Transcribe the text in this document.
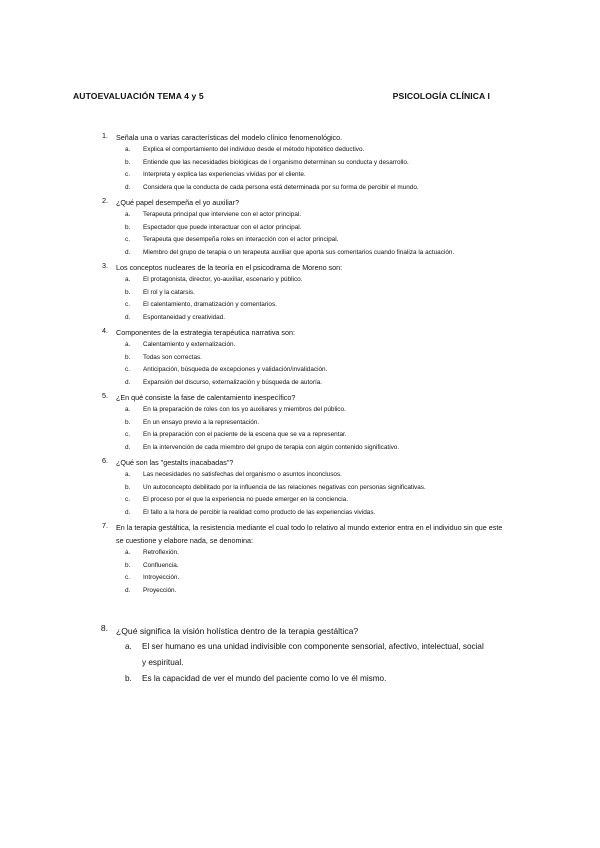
AUTOEVALUACIÓN TEMA 4 y 5	PSICOLOGÍA CLÍNICA I
1.	Señala una o varias características del modelo clínico fenomenológico.
a.	Explica el comportamiento del individuo desde el método hipotético deductivo.
b.	Entiende que las necesidades biológicas de l organismo determinan su conducta y desarrollo.
c.	Interpreta y explica las experiencias vividas por el cliente.
d.	Considera que la conducta de cada persona está determinada por su forma de percibir el mundo.
2.	¿Qué papel desempeña el yo auxiliar?
a.	Terapeuta principal que interviene con el actor principal.
b.	Espectador que puede interactuar con el actor principal.
c.	Terapeuta que desempeña roles en interacción con el actor principal.
d.	Miembro del grupo de terapia o un terapeuta auxiliar que aporta sus comentarios cuando finaliza la actuación.
3.	Los conceptos nucleares de la teoría en el psicodrama de Moreno son:
a.	El protagonista, director, yo-auxiliar, escenario y público.
b.	El rol y la catarsis.
c.	El calentamiento, dramatización y comentarios.
d.	Espontaneidad y creatividad.
4.	Componentes de la estrategia terapéutica narrativa son:
a.	Calentamiento y externalización.
b.	Todas son correctas.
c.	Anticipación, búsqueda de excepciones y validación/invalidación.
d.	Expansión del discurso, externalización y búsqueda de autoría.
5.	¿En qué consiste la fase de calentamiento inespecífico?
a.	En la preparación de roles con los yo auxiliares y miembros del público.
b.	En un ensayo previo a la representación.
c.	En la preparación con el paciente de la escena que se va a representar.
d.	En la intervención de cada miembro del grupo de terapia con algún contenido significativo.
6.	¿Qué son las "gestalts inacabadas"?
a.	Las necesidades no satisfechas del organismo o asuntos inconclusos.
b.	Un autoconcepto debilitado por la influencia de las relaciones negativas con personas significativas.
c.	El proceso por el que la experiencia no puede emerger en la conciencia.
d.	El fallo a la hora de percibir la realidad como producto de las experiencias vividas.
7.	En la terapia gestáltica, la resistencia mediante el cual todo lo relativo al mundo exterior entra en el individuo sin que este se cuestione y elabore nada, se denomina:
a.	Retroflexión.
b.	Confluencia.
c.	Introyección.
d.	Proyección.
8. ¿Qué significa la visión holística dentro de la terapia gestáltica?
a.	El ser humano es una unidad indivisible con componente sensorial, afectivo, intelectual, social y espiritual.
b.	Es la capacidad de ver el mundo del paciente como lo ve él mismo.
